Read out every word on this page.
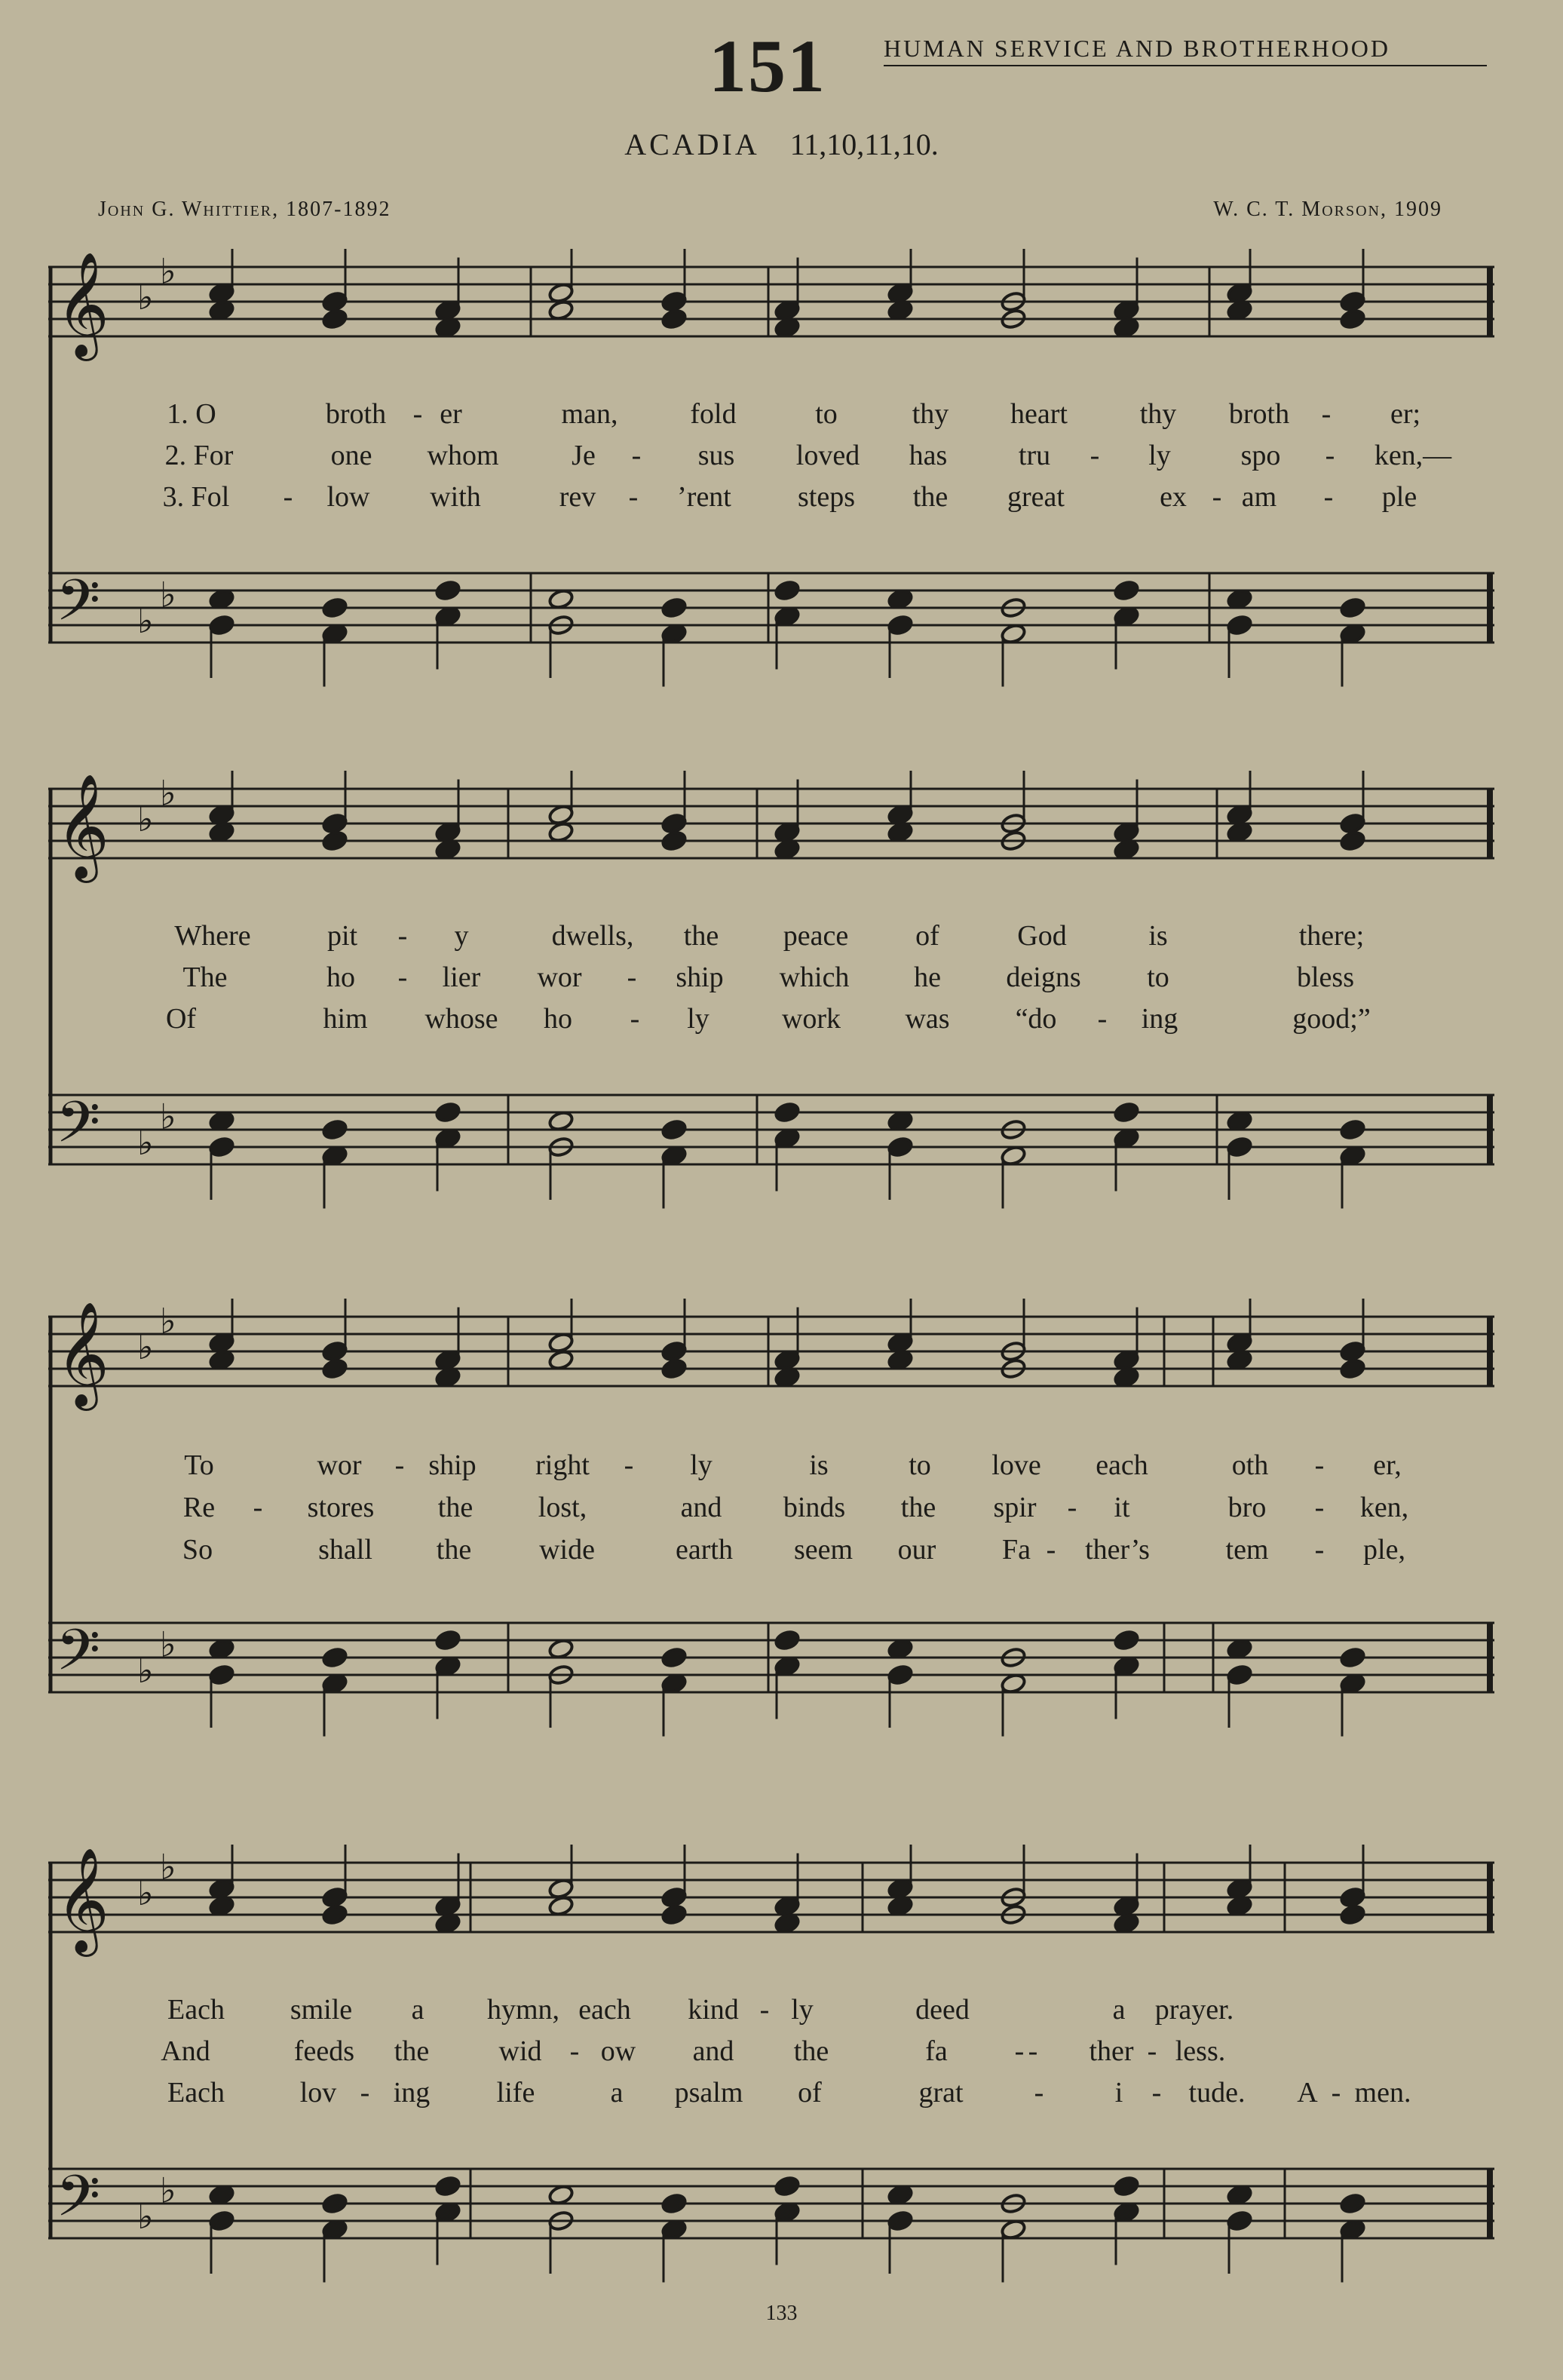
151 HUMAN SERVICE AND BROTHERHOOD
ACADIA 11,10,11,10.
John G. Whittier, 1807-1892	W. C. T. Morson, 1909
𝄞
𝄢
♭
♭
♭
♭
1. O	broth - er	man,	fold	to	thy heart	thy broth - er;
2. For	one whom	Je - sus loved has tru - ly spo - ken,—
3. Fol - low with	rev - ’rent steps the great	ex - am - ple
𝄞
𝄢
♭
♭
♭
♭
Where	pit - y	dwells, the peace of	God	is	there;
The	ho - lier wor - ship which he deigns to	bless
Of	him whose ho - ly	work was “do - ing	good;”
𝄞
𝄢
♭
♭
♭
♭
To	wor - ship right - ly	is	to love each	oth - er,
Re - stores the lost,	and binds the spir - it	bro - ken,
So	shall the wide	earth seem our Fa - ther’s	tem - ple,
𝄞
𝄢
♭
♭
♭
♭
Each smile a hymn, each kind - ly	deed	a prayer.
And	feeds the wid - ow and the	fa - - ther - less.
Each	lov - ing life	a psalm of	grat - i - tude. A - men.
133
